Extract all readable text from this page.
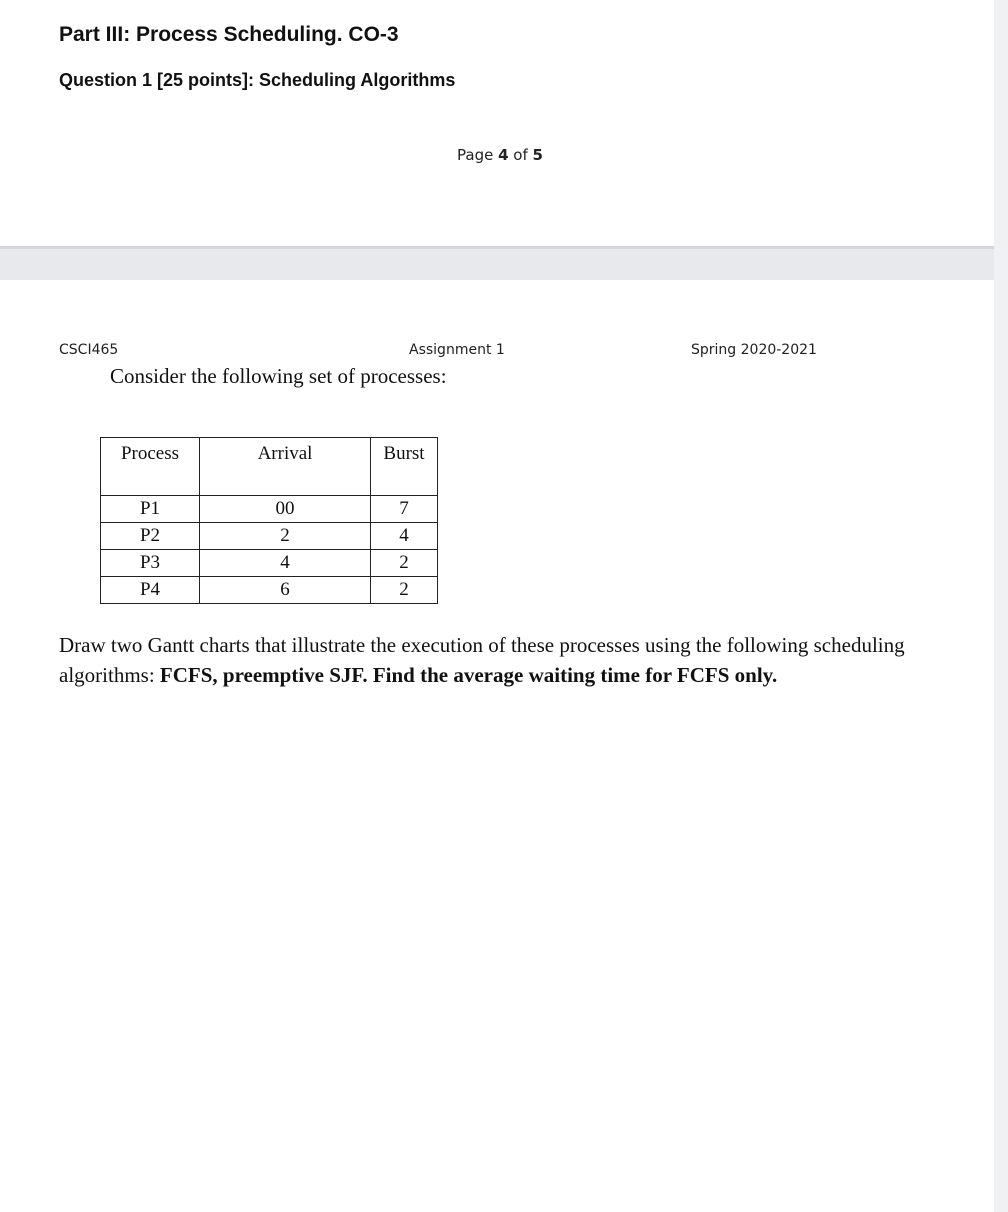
Part III: Process Scheduling. CO-3
Question 1 [25 points]: Scheduling Algorithms
Page 4 of 5
CSCI465	Assignment 1	Spring 2020-2021
Consider the following set of processes:
Process	Arrival	Burst
P1	00	7
P2	2	4
P3	4	2
P4	6	2
Draw two Gantt charts that illustrate the execution of these processes using the following scheduling algorithms: FCFS, preemptive SJF. Find the average waiting time for FCFS only.
